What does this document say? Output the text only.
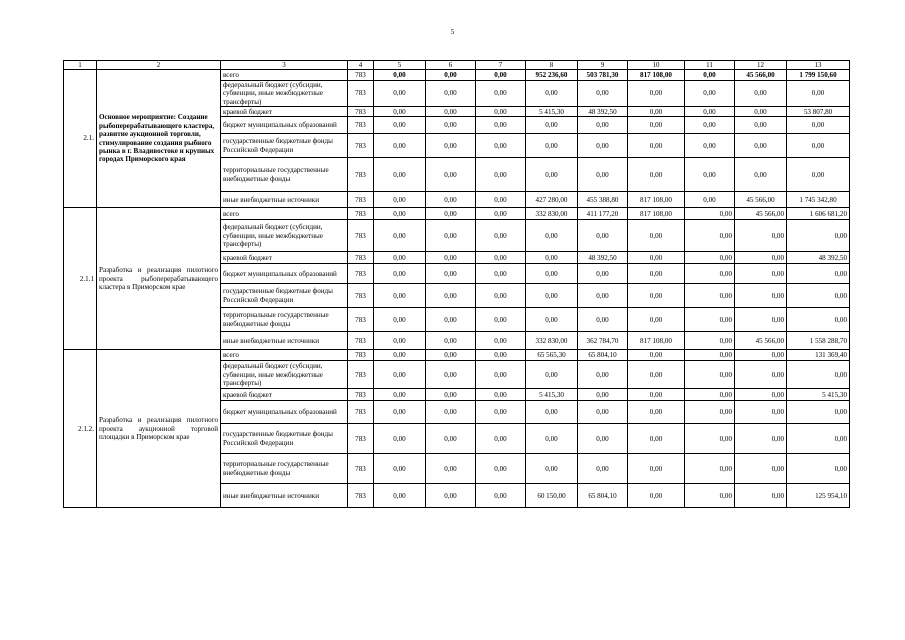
5
1	2	3	4	5	6	7	8	9	10	11	12	13
2.1.	Основное мероприятие: Создание рыбоперерабатывающего кластера, развитие аукционной торговли, стимулирование создания рыбного рынка в г. Владивостоке и крупных городах Приморского края	всего	783	0,00	0,00	0,00	952 236,60	503 781,30	817 108,00	0,00	45 566,00	1 799 150,60
		федеральный бюджет (субсидии, субвенции, иные межбюджетные трансферты)	783	0,00	0,00	0,00	0,00	0,00	0,00	0,00	0,00	0,00
		краевой бюджет	783	0,00	0,00	0,00	5 415,30	48 392,50	0,00	0,00	0,00	53 807,80
		бюджет муниципальных образований	783	0,00	0,00	0,00	0,00	0,00	0,00	0,00	0,00	0,00
		государственные бюджетные фонды Российской Федерации	783	0,00	0,00	0,00	0,00	0,00	0,00	0,00	0,00	0,00
		территориальные государственные внебюджетные фонды	783	0,00	0,00	0,00	0,00	0,00	0,00	0,00	0,00	0,00
		иные внебюджетные источники	783	0,00	0,00	0,00	427 280,00	455 388,80	817 108,00	0,00	45 566,00	1 745 342,80
2.1.1	Разработка и реализация пилотного проекта рыбоперерабатывающего кластера в Приморском крае	всего	783	0,00	0,00	0,00	332 830,00	411 177,20	817 108,00	0,00	45 566,00	1 606 681,20
		федеральный бюджет (субсидии, субвенции, иные межбюджетные трансферты)	783	0,00	0,00	0,00	0,00	0,00	0,00	0,00	0,00	0,00
		краевой бюджет	783	0,00	0,00	0,00	0,00	48 392,50	0,00	0,00	0,00	48 392,50
		бюджет муниципальных образований	783	0,00	0,00	0,00	0,00	0,00	0,00	0,00	0,00	0,00
		государственные бюджетные фонды Российской Федерации	783	0,00	0,00	0,00	0,00	0,00	0,00	0,00	0,00	0,00
		территориальные государственные внебюджетные фонды	783	0,00	0,00	0,00	0,00	0,00	0,00	0,00	0,00	0,00
		иные внебюджетные источники	783	0,00	0,00	0,00	332 830,00	362 784,70	817 108,00	0,00	45 566,00	1 558 288,70
2.1.2.	Разработка и реализация пилотного проекта аукционной торговой площадки в Приморском крае	всего	783	0,00	0,00	0,00	65 565,30	65 804,10	0,00	0,00	0,00	131 369,40
		федеральный бюджет (субсидии, субвенции, иные межбюджетные трансферты)	783	0,00	0,00	0,00	0,00	0,00	0,00	0,00	0,00	0,00
		краевой бюджет	783	0,00	0,00	0,00	5 415,30	0,00	0,00	0,00	0,00	5 415,30
		бюджет муниципальных образований	783	0,00	0,00	0,00	0,00	0,00	0,00	0,00	0,00	0,00
		государственные бюджетные фонды Российской Федерации	783	0,00	0,00	0,00	0,00	0,00	0,00	0,00	0,00	0,00
		территориальные государственные внебюджетные фонды	783	0,00	0,00	0,00	0,00	0,00	0,00	0,00	0,00	0,00
		иные внебюджетные источники	783	0,00	0,00	0,00	60 150,00	65 804,10	0,00	0,00	0,00	125 954,10
